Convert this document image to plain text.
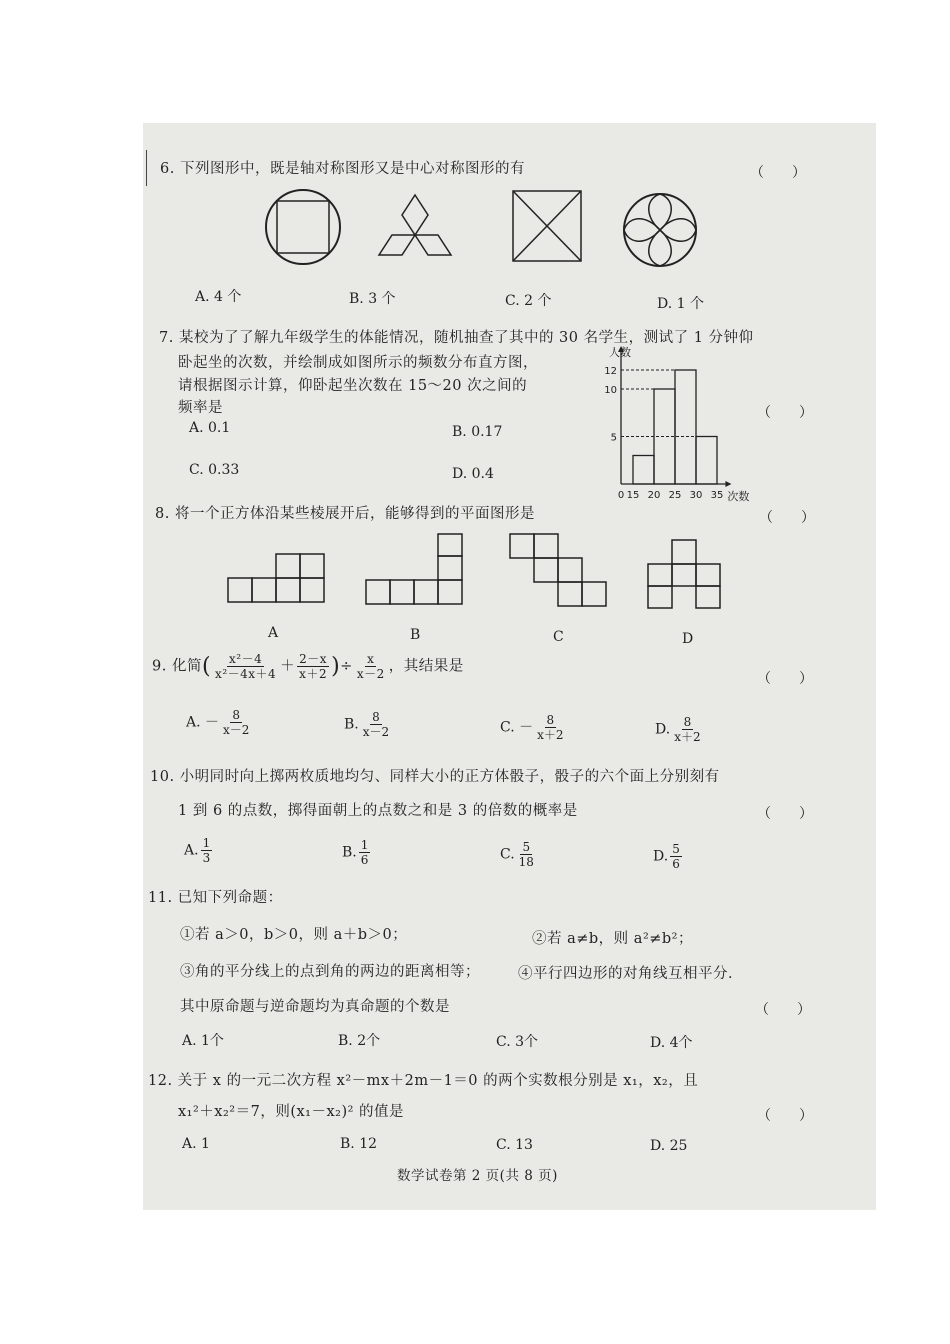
6. 下列图形中，既是轴对称图形又是中心对称图形的有	（　　）
A. 4 个	B. 3 个	C. 2 个	D. 1 个
7. 某校为了了解九年级学生的体能情况，随机抽查了其中的 30 名学生，测试了 1 分钟仰
卧起坐的次数，并绘制成如图所示的频数分布直方图，
请根据图示计算，仰卧起坐次数在 15～20 次之间的
频率是	（　　）
A. 0.1	B. 0.17
C. 0.33	D. 0.4
5
10
12
0 15 20 25 30 35
人数
次数
8. 将一个正方体沿某些棱展开后，能够得到的平面图形是	（　　）
A	B	C	D
9. 化简( $\frac{\text{x²－4}}{\text{x²－4x＋4}} + \frac{2-x}{x+2}$ )÷ $\frac{x}{x-2}$ ，其结果是
（　　）
A. － $\frac{8}{x-2}$	B. $\frac{8}{x-2}$	C. － $\frac{8}{x+2}$	D. $\frac{8}{x+2}$
10. 小明同时向上掷两枚质地均匀、同样大小的正方体骰子，骰子的六个面上分别刻有
1 到 6 的点数，掷得面朝上的点数之和是 3 的倍数的概率是	（　　）
A. $\frac{1}{3}$	B. $\frac{1}{6}$	C. $\frac{5}{18}$	D. $\frac{5}{6}$
11. 已知下列命题：
①若 a＞0，b＞0，则 a＋b＞0；	②若 a≠b，则 a²≠b²；
③角的平分线上的点到角的两边的距离相等；	④平行四边形的对角线互相平分．
其中原命题与逆命题均为真命题的个数是	（　　）
A. 1个	B. 2个	C. 3个	D. 4个
12. 关于 x 的一元二次方程 x²－mx＋2m－1＝0 的两个实数根分别是 x₁，x₂，且
x₁²＋x₂²＝7，则(x₁－x₂)² 的值是	（　　）
A. 1	B. 12	C. 13	D. 25
数学试卷第 2 页(共 8 页)
